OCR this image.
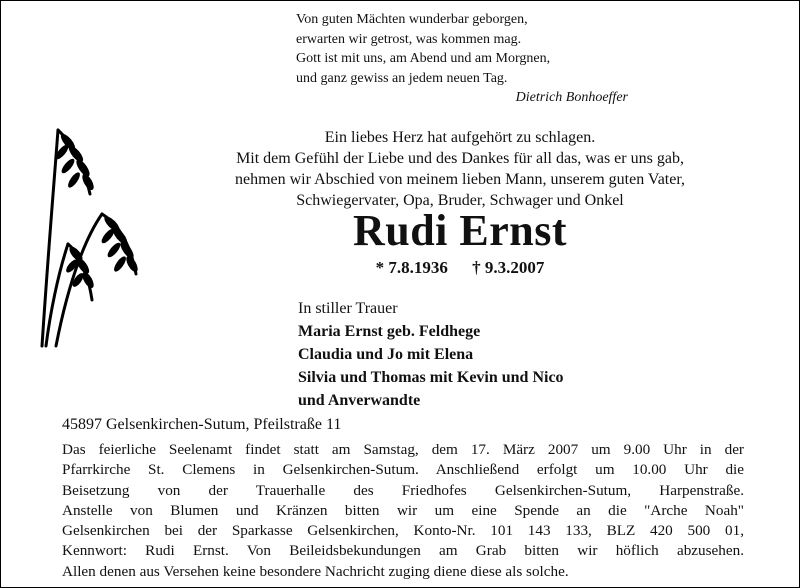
Von guten Mächten wunderbar geborgen,
erwarten wir getrost, was kommen mag.
Gott ist mit uns, am Abend und am Morgnen,
und ganz gewiss an jedem neuen Tag.
Dietrich Bonhoeffer
Ein liebes Herz hat aufgehört zu schlagen.
Mit dem Gefühl der Liebe und des Dankes für all das, was er uns gab,
nehmen wir Abschied von meinem lieben Mann, unserem guten Vater,
Schwiegervater, Opa, Bruder, Schwager und Onkel
Rudi Ernst
* 7.8.1936 † 9.3.2007
In stiller Trauer
Maria Ernst geb. Feldhege
Claudia und Jo mit Elena
Silvia und Thomas mit Kevin und Nico
und Anverwandte
45897 Gelsenkirchen-Sutum, Pfeilstraße 11
Das feierliche Seelenamt findet statt am Samstag, dem 17. März 2007 um 9.00 Uhr in der
Pfarrkirche St. Clemens in Gelsenkirchen-Sutum. Anschließend erfolgt um 10.00 Uhr die
Beisetzung von der Trauerhalle des Friedhofes Gelsenkirchen-Sutum, Harpenstraße.
Anstelle von Blumen und Kränzen bitten wir um eine Spende an die "Arche Noah"
Gelsenkirchen bei der Sparkasse Gelsenkirchen, Konto-Nr. 101 143 133, BLZ 420 500 01,
Kennwort: Rudi Ernst. Von Beileidsbekundungen am Grab bitten wir höflich abzusehen.
Allen denen aus Versehen keine besondere Nachricht zuging diene diese als solche.
